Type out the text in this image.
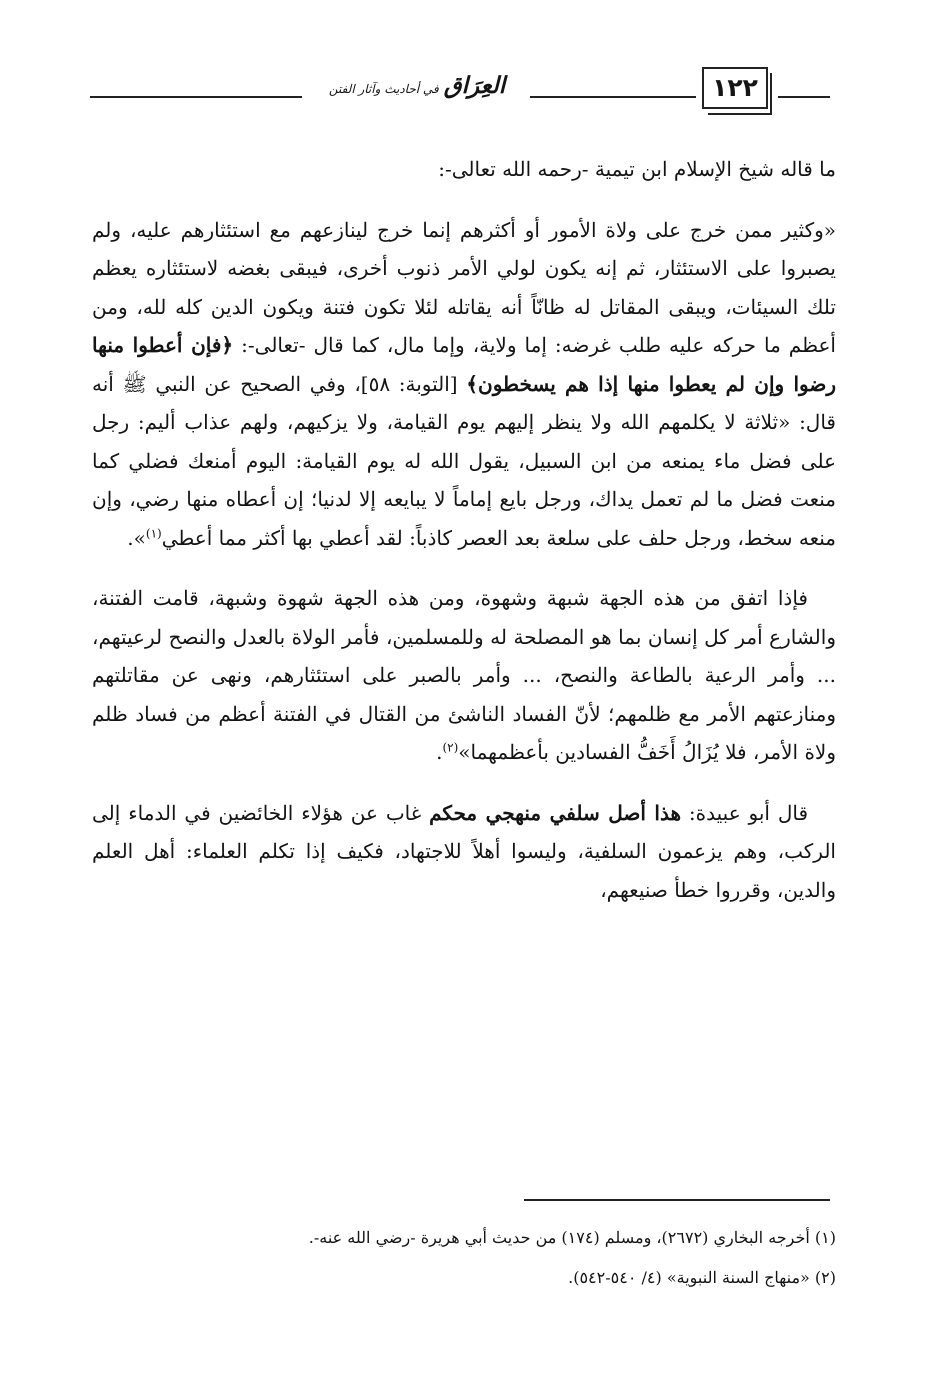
العِرَاق في أحاديث وآثار الفتن	١٢٢

ما قاله شيخ الإسلام ابن تيمية -رحمه الله تعالى-:

«وكثير ممن خرج على ولاة الأمور أو أكثرهم إنما خرج لينازعهم مع استئثارهم عليه، ولم يصبروا على الاستئثار، ثم إنه يكون لولي الأمر ذنوب أخرى، فيبقى بغضه لاستئثاره يعظم تلك السيئات، ويبقى المقاتل له ظانّاً أنه يقاتله لئلا تكون فتنة ويكون الدين كله لله، ومن أعظم ما حركه عليه طلب غرضه: إما ولاية، وإما مال، كما قال -تعالى-: ﴿فإن أعطوا منها رضوا وإن لم يعطوا منها إذا هم يسخطون﴾ [التوبة: ٥٨]، وفي الصحيح عن النبي ﷺ أنه قال: «ثلاثة لا يكلمهم الله ولا ينظر إليهم يوم القيامة، ولا يزكيهم، ولهم عذاب أليم: رجل على فضل ماء يمنعه من ابن السبيل، يقول الله له يوم القيامة: اليوم أمنعك فضلي كما منعت فضل ما لم تعمل يداك، ورجل بايع إماماً لا يبايعه إلا لدنيا؛ إن أعطاه منها رضي، وإن منعه سخط، ورجل حلف على سلعة بعد العصر كاذباً: لقد أعطي بها أكثر مما أعطي$^{(١)}$».

فإذا اتفق من هذه الجهة شبهة وشهوة، ومن هذه الجهة شهوة وشبهة، قامت الفتنة، والشارع أمر كل إنسان بما هو المصلحة له وللمسلمين، فأمر الولاة بالعدل والنصح لرعيتهم، ... وأمر الرعية بالطاعة والنصح، ... وأمر بالصبر على استئثارهم، ونهى عن مقاتلتهم ومنازعتهم الأمر مع ظلمهم؛ لأنّ الفساد الناشئ من القتال في الفتنة أعظم من فساد ظلم ولاة الأمر، فلا يُزَالُ أَخَفُّ الفسادين بأعظمهما»$^{(٢)}$.

قال أبو عبيدة: هذا أصل سلفي منهجي محكم غاب عن هؤلاء الخائضين في الدماء إلى الركب، وهم يزعمون السلفية، وليسوا أهلاً للاجتهاد، فكيف إذا تكلم العلماء: أهل العلم والدين، وقرروا خطأ صنيعهم،

(١) أخرجه البخاري (٢٦٧٢)، ومسلم (١٧٤) من حديث أبي هريرة -رضي الله عنه-.

(٢) «منهاج السنة النبوية» (٤/ ٥٤٠-٥٤٢).
